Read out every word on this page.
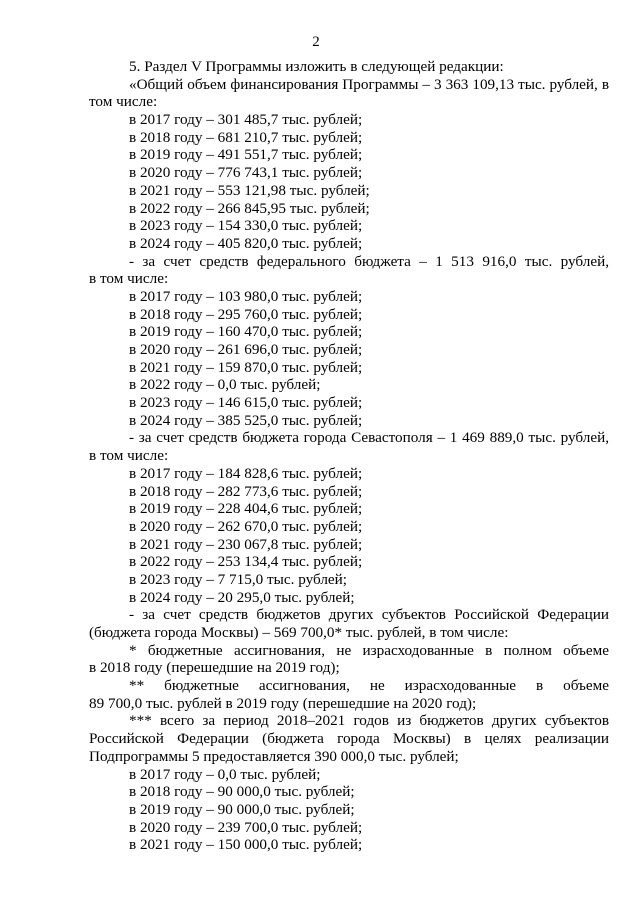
2
5. Раздел V Программы изложить в следующей редакции:
«Общий объем финансирования Программы – 3 363 109,13 тыс. рублей, в
том числе:
в 2017 году – 301 485,7 тыс. рублей;
в 2018 году – 681 210,7 тыс. рублей;
в 2019 году – 491 551,7 тыс. рублей;
в 2020 году – 776 743,1 тыс. рублей;
в 2021 году – 553 121,98 тыс. рублей;
в 2022 году – 266 845,95 тыс. рублей;
в 2023 году – 154 330,0 тыс. рублей;
в 2024 году – 405 820,0 тыс. рублей;
- за счет средств федерального бюджета – 1 513 916,0 тыс. рублей,
в том числе:
в 2017 году – 103 980,0 тыс. рублей;
в 2018 году – 295 760,0 тыс. рублей;
в 2019 году – 160 470,0 тыс. рублей;
в 2020 году – 261 696,0 тыс. рублей;
в 2021 году – 159 870,0 тыс. рублей;
в 2022 году – 0,0 тыс. рублей;
в 2023 году – 146 615,0 тыс. рублей;
в 2024 году – 385 525,0 тыс. рублей;
- за счет средств бюджета города Севастополя – 1 469 889,0 тыс. рублей,
в том числе:
в 2017 году – 184 828,6 тыс. рублей;
в 2018 году – 282 773,6 тыс. рублей;
в 2019 году – 228 404,6 тыс. рублей;
в 2020 году – 262 670,0 тыс. рублей;
в 2021 году – 230 067,8 тыс. рублей;
в 2022 году – 253 134,4 тыс. рублей;
в 2023 году – 7 715,0 тыс. рублей;
в 2024 году – 20 295,0 тыс. рублей;
- за счет средств бюджетов других субъектов Российской Федерации
(бюджета города Москвы) – 569 700,0* тыс. рублей, в том числе:
* бюджетные ассигнования, не израсходованные в полном объеме
в 2018 году (перешедшие на 2019 год);
** бюджетные ассигнования, не израсходованные в объеме
89 700,0 тыс. рублей в 2019 году (перешедшие на 2020 год);
*** всего за период 2018–2021 годов из бюджетов других субъектов
Российской Федерации (бюджета города Москвы) в целях реализации
Подпрограммы 5 предоставляется 390 000,0 тыс. рублей;
в 2017 году – 0,0 тыс. рублей;
в 2018 году – 90 000,0 тыс. рублей;
в 2019 году – 90 000,0 тыс. рублей;
в 2020 году – 239 700,0 тыс. рублей;
в 2021 году – 150 000,0 тыс. рублей;
